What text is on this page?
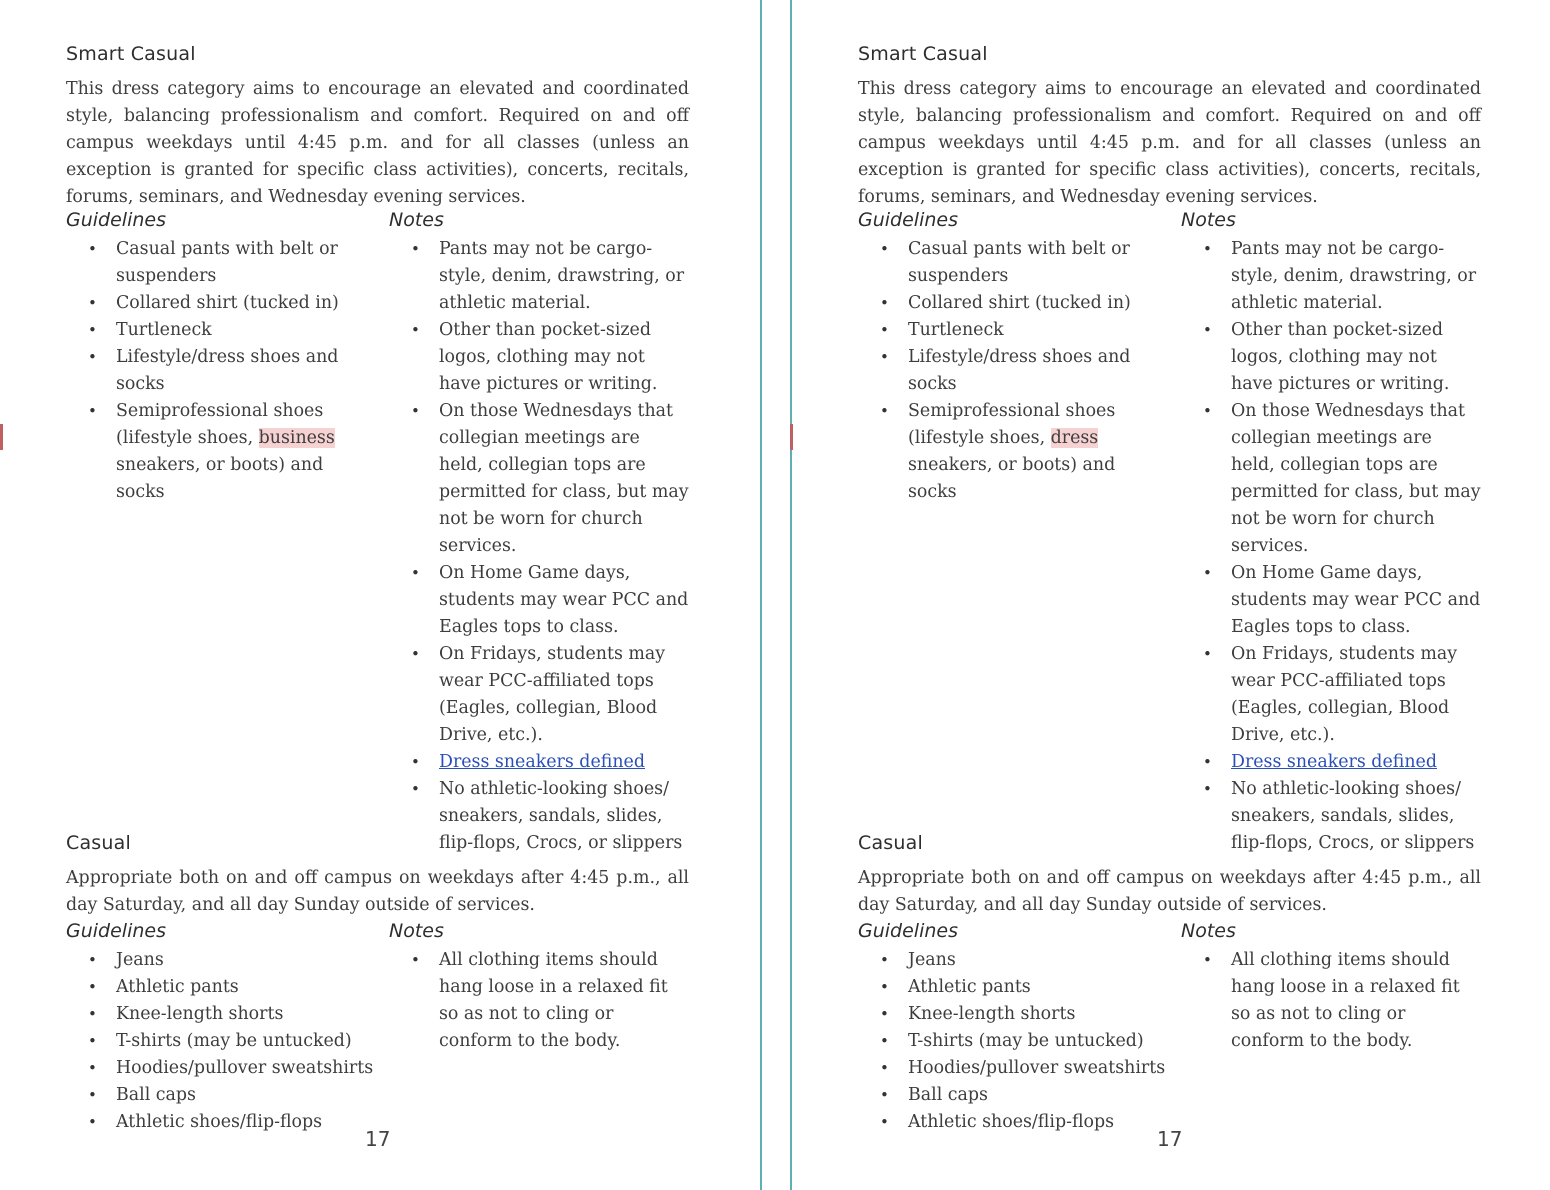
Smart Casual
This dress category aims to encourage an elevated and coordinated style, balancing professionalism and comfort. Required on and off campus weekdays until 4:45 p.m. and for all classes (unless an exception is granted for specific class activities), concerts, recitals, forums, seminars, and Wednesday evening services.
Guidelines	Notes
• Casual pants with belt or suspenders
• Collared shirt (tucked in)
• Turtleneck
• Lifestyle/dress shoes and socks
• Semiprofessional shoes (lifestyle shoes, business sneakers, or boots) and socks
• Pants may not be cargo-style, denim, drawstring, or athletic material.
• Other than pocket-sized logos, clothing may not have pictures or writing.
• On those Wednesdays that collegian meetings are held, collegian tops are permitted for class, but may not be worn for church services.
• On Home Game days, students may wear PCC and Eagles tops to class.
• On Fridays, students may wear PCC-affiliated tops (Eagles, collegian, Blood Drive, etc.).
• Dress sneakers defined
• No athletic-looking shoes/ sneakers, sandals, slides, flip-flops, Crocs, or slippers
Casual
Appropriate both on and off campus on weekdays after 4:45 p.m., all day Saturday, and all day Sunday outside of services.
Guidelines	Notes
• Jeans
• Athletic pants
• Knee-length shorts
• T-shirts (may be untucked)
• Hoodies/pullover sweatshirts
• Ball caps
• Athletic shoes/flip-flops
• All clothing items should hang loose in a relaxed fit so as not to cling or conform to the body.
17
Smart Casual
This dress category aims to encourage an elevated and coordinated style, balancing professionalism and comfort. Required on and off campus weekdays until 4:45 p.m. and for all classes (unless an exception is granted for specific class activities), concerts, recitals, forums, seminars, and Wednesday evening services.
Guidelines	Notes
• Casual pants with belt or suspenders
• Collared shirt (tucked in)
• Turtleneck
• Lifestyle/dress shoes and socks
• Semiprofessional shoes (lifestyle shoes, dress sneakers, or boots) and socks
• Pants may not be cargo-style, denim, drawstring, or athletic material.
• Other than pocket-sized logos, clothing may not have pictures or writing.
• On those Wednesdays that collegian meetings are held, collegian tops are permitted for class, but may not be worn for church services.
• On Home Game days, students may wear PCC and Eagles tops to class.
• On Fridays, students may wear PCC-affiliated tops (Eagles, collegian, Blood Drive, etc.).
• Dress sneakers defined
• No athletic-looking shoes/ sneakers, sandals, slides, flip-flops, Crocs, or slippers
Casual
Appropriate both on and off campus on weekdays after 4:45 p.m., all day Saturday, and all day Sunday outside of services.
Guidelines	Notes
• Jeans
• Athletic pants
• Knee-length shorts
• T-shirts (may be untucked)
• Hoodies/pullover sweatshirts
• Ball caps
• Athletic shoes/flip-flops
• All clothing items should hang loose in a relaxed fit so as not to cling or conform to the body.
17
